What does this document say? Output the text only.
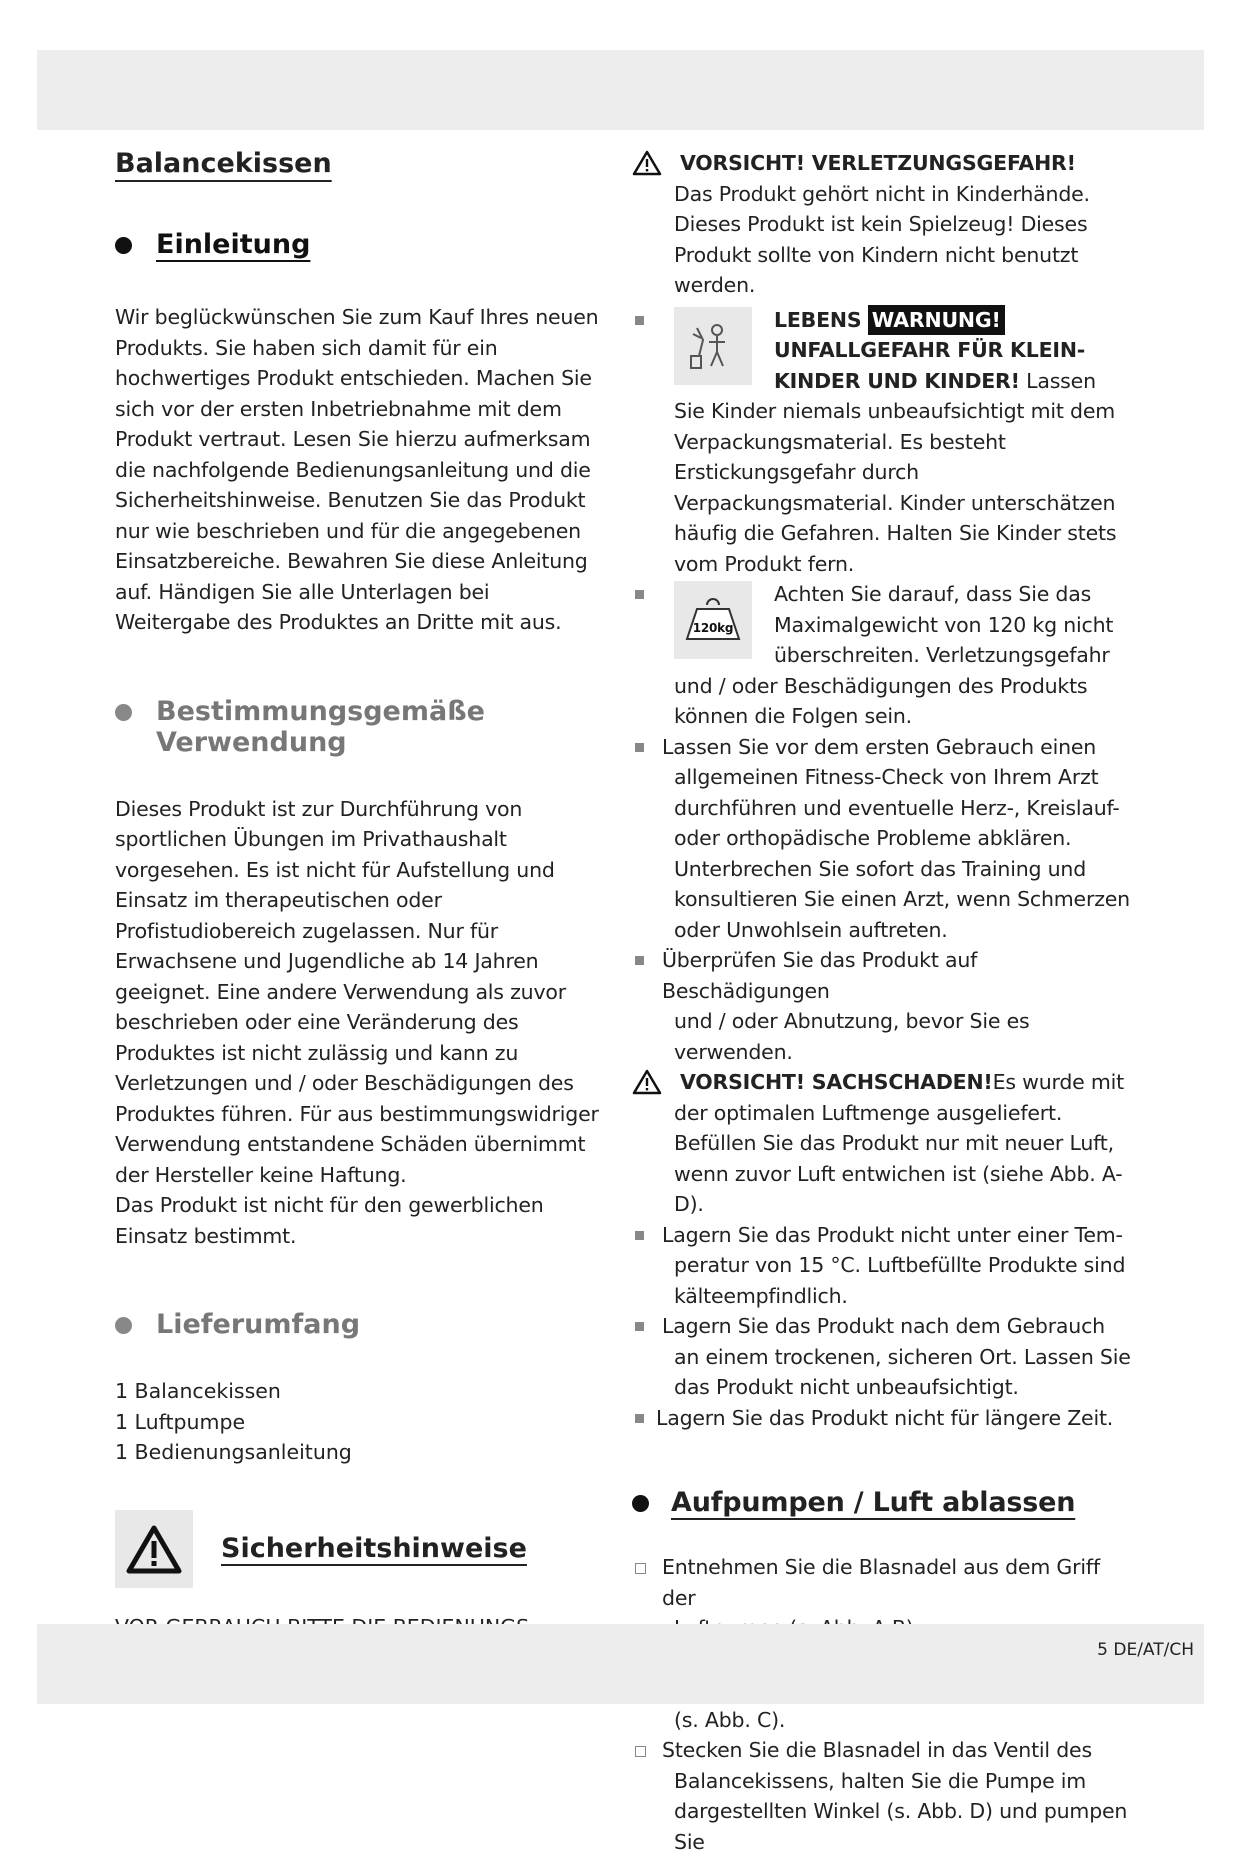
Balancekissen
Einleitung

Wir beglückwünschen Sie zum Kauf Ihres neuen Produkts. Sie haben sich damit für ein hochwertiges Produkt entschieden. Machen Sie sich vor der ersten Inbetriebnahme mit dem Produkt vertraut. Lesen Sie hierzu aufmerksam die nachfolgende Bedienungsanleitung und die Sicherheitshinweise. Benutzen Sie das Produkt nur wie beschrieben und für die angegebenen Einsatzbereiche. Bewahren Sie diese Anleitung auf. Händigen Sie alle Unterlagen bei Weitergabe des Produktes an Dritte mit aus.

Bestimmungsgemäße
Verwendung

Dieses Produkt ist zur Durchführung von sportlichen Übungen im Privathaushalt vorgesehen. Es ist nicht für Aufstellung und Einsatz im therapeutischen oder Profistudiobereich zugelassen. Nur für Erwachsene und Jugendliche ab 14 Jahren geeignet. Eine andere Verwendung als zuvor beschrieben oder eine Veränderung des Produktes ist nicht zulässig und kann zu Verletzungen und / oder Beschädigungen des Produktes führen. Für aus bestimmungswidriger Verwendung entstandene Schäden übernimmt der Hersteller keine Haftung.

Das Produkt ist nicht für den gewerblichen Einsatz bestimmt.

Lieferumfang
1 Balancekissen
1 Luftpumpe
1 Bedienungsanleitung
Sicherheitshinweise

VORSICHT! VERLETZUNGSGEFAHR!
Das Produkt gehört nicht in Kinderhände. Dieses Produkt ist kein Spielzeug! Dieses Produkt sollte von Kindern nicht benutzt werden.
LEBENS WARNUNG!
UNFALLGEFAHR FÜR KLEIN-
KINDER UND KINDER! Lassen
Sie Kinder niemals unbeaufsichtigt mit dem Verpackungsmaterial. Es besteht Erstickungsgefahr durch Verpackungsmaterial. Kinder unterschätzen häufig die Gefahren. Halten Sie Kinder stets vom Produkt fern.
120kg
Achten Sie darauf, dass Sie das
Maximalgewicht von 120 kg nicht
überschreiten. Verletzungsgefahr
und / oder Beschädigungen des Produkts können die Folgen sein.
Lassen Sie vor dem ersten Gebrauch einen
allgemeinen Fitness-Check von Ihrem Arzt durchführen und eventuelle Herz-, Kreislauf- oder orthopädische Probleme abklären. Unterbrechen Sie sofort das Training und konsultieren Sie einen Arzt, wenn Schmerzen oder Unwohlsein auftreten.
Überprüfen Sie das Produkt auf Beschädigungen
und / oder Abnutzung, bevor Sie es verwenden.
VORSICHT! SACHSCHADEN! Es wurde mit
der optimalen Luftmenge ausgeliefert. Befüllen Sie das Produkt nur mit neuer Luft, wenn zuvor Luft entwichen ist (siehe Abb. A-D).
Lagern Sie das Produkt nicht unter einer Tem-
peratur von 15 °C. Luftbefüllte Produkte sind kälteempfindlich.
Lagern Sie das Produkt nach dem Gebrauch
an einem trockenen, sicheren Ort. Lassen Sie das Produkt nicht unbeaufsichtigt.
Lagern Sie das Produkt nicht für längere Zeit.
Aufpumpen / Luft ablassen
Entnehmen Sie die Blasnadel aus dem Griff der
(s. Abb. C).
Stecken Sie die Blasnadel in das Ventil des
Balancekissens, halten Sie die Pumpe im dargestellten Winkel (s. Abb. D) und pumpen Sie
5 DE/AT/CH
